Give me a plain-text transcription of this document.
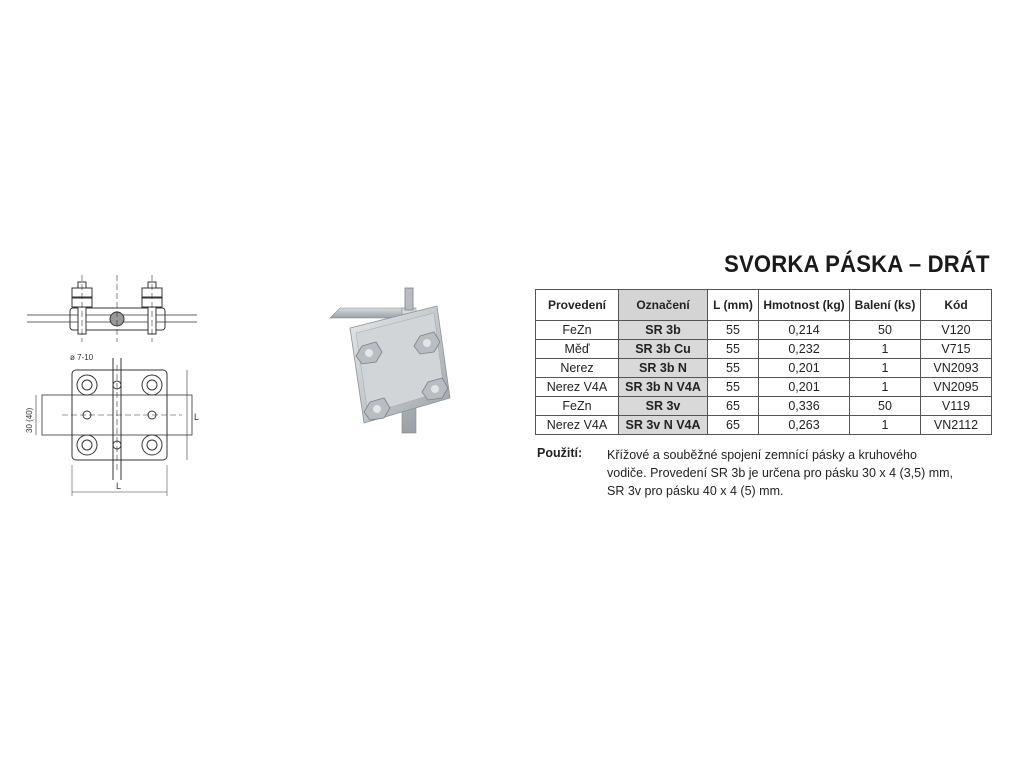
ø 7-10
30 (40)
L
L
SVORKA PÁSKA – DRÁT
Provedení	Označení	L (mm)	Hmotnost (kg)	Balení (ks)	Kód
FeZn	SR 3b	55	0,214	50	V120
Měď	SR 3b Cu	55	0,232	1	V715
Nerez	SR 3b N	55	0,201	1	VN2093
Nerez V4A	SR 3b N V4A	55	0,201	1	VN2095
FeZn	SR 3v	65	0,336	50	V119
Nerez V4A	SR 3v N V4A	65	0,263	1	VN2112
Použití: Křížové a souběžné spojení zemnící pásky a kruhového
vodiče. Provedení SR 3b je určena pro pásku 30 x 4 (3,5) mm,
SR 3v pro pásku 40 x 4 (5) mm.
